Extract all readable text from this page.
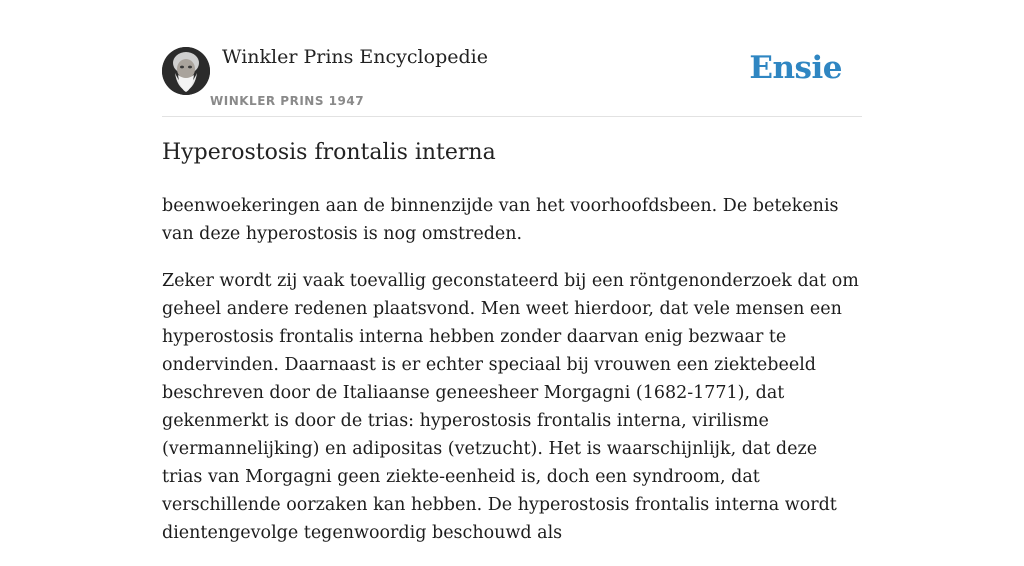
Winkler Prins Encyclopedie
WINKLER PRINS 1947
Ensie
Hyperostosis frontalis interna

beenwoekeringen aan de binnenzijde van het voorhoofdsbeen. De betekenis van deze hyperostosis is nog omstreden.

Zeker wordt zij vaak toevallig geconstateerd bij een röntgenonderzoek dat om geheel andere redenen plaatsvond. Men weet hierdoor, dat vele mensen een hyperostosis frontalis interna hebben zonder daarvan enig bezwaar te ondervinden. Daarnaast is er echter speciaal bij vrouwen een ziektebeeld beschreven door de Italiaanse geneesheer Morgagni (1682-1771), dat gekenmerkt is door de trias: hyperostosis frontalis interna, virilisme (vermannelijking) en adipositas (vetzucht). Het is waarschijnlijk, dat deze trias van Morgagni geen ziekte-eenheid is, doch een syndroom, dat verschillende oorzaken kan hebben. De hyperostosis frontalis interna wordt dientengevolge tegenwoordig beschouwd als
